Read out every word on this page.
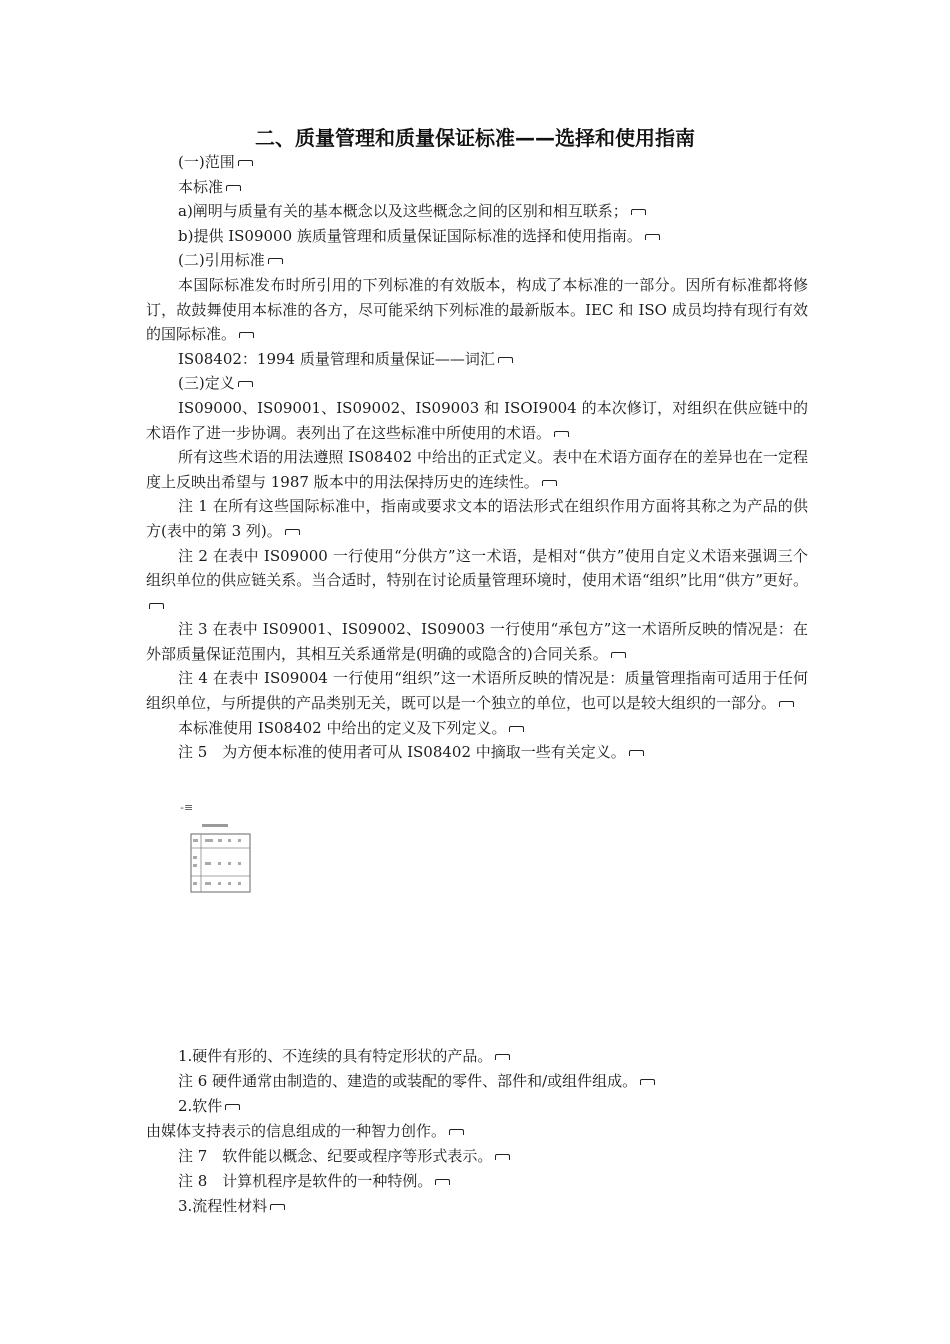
二、质量管理和质量保证标准——选择和使用指南

(一)范围

本标准

a)阐明与质量有关的基本概念以及这些概念之间的区别和相互联系；

b)提供 IS09000 族质量管理和质量保证国际标准的选择和使用指南。

(二)引用标准

本国际标准发布时所引用的下列标准的有效版本，构成了本标准的一部分。因所有标准都将修订，故鼓舞使用本标准的各方，尽可能采纳下列标准的最新版本。IEC 和 ISO 成员均持有现行有效的国际标准。

IS08402：1994 质量管理和质量保证——词汇

(三)定义

IS09000、IS09001、IS09002、IS09003 和 ISOI9004 的本次修订，对组织在供应链中的术语作了进一步协调。表列出了在这些标准中所使用的术语。

所有这些术语的用法遵照 IS08402 中给出的正式定义。表中在术语方面存在的差异也在一定程度上反映出希望与 1987 版本中的用法保持历史的连续性。

注 1 在所有这些国际标准中，指南或要求文本的语法形式在组织作用方面将其称之为产品的供方(表中的第 3 列)。

注 2 在表中 IS09000 一行使用“分供方”这一术语，是相对“供方”使用自定义术语来强调三个组织单位的供应链关系。当合适时，特别在讨论质量管理环境时，使用术语“组织”比用“供方”更好。

注 3 在表中 IS09001、IS09002、IS09003 一行使用“承包方”这一术语所反映的情况是：在外部质量保证范围内，其相互关系通常是(明确的或隐含的)合同关系。

注 4 在表中 IS09004 一行使用“组织”这一术语所反映的情况是：质量管理指南可适用于任何组织单位，与所提供的产品类别无关，既可以是一个独立的单位，也可以是较大组织的一部分。

本标准使用 IS08402 中给出的定义及下列定义。

注 5　为方便本标准的使用者可从 IS08402 中摘取一些有关定义。

-≡

1.硬件有形的、不连续的具有特定形状的产品。

注 6 硬件通常由制造的、建造的或装配的零件、部件和/或组件组成。

2.软件

由媒体支持表示的信息组成的一种智力创作。

注 7　软件能以概念、纪要或程序等形式表示。

注 8　计算机程序是软件的一种特例。

3.流程性材料
